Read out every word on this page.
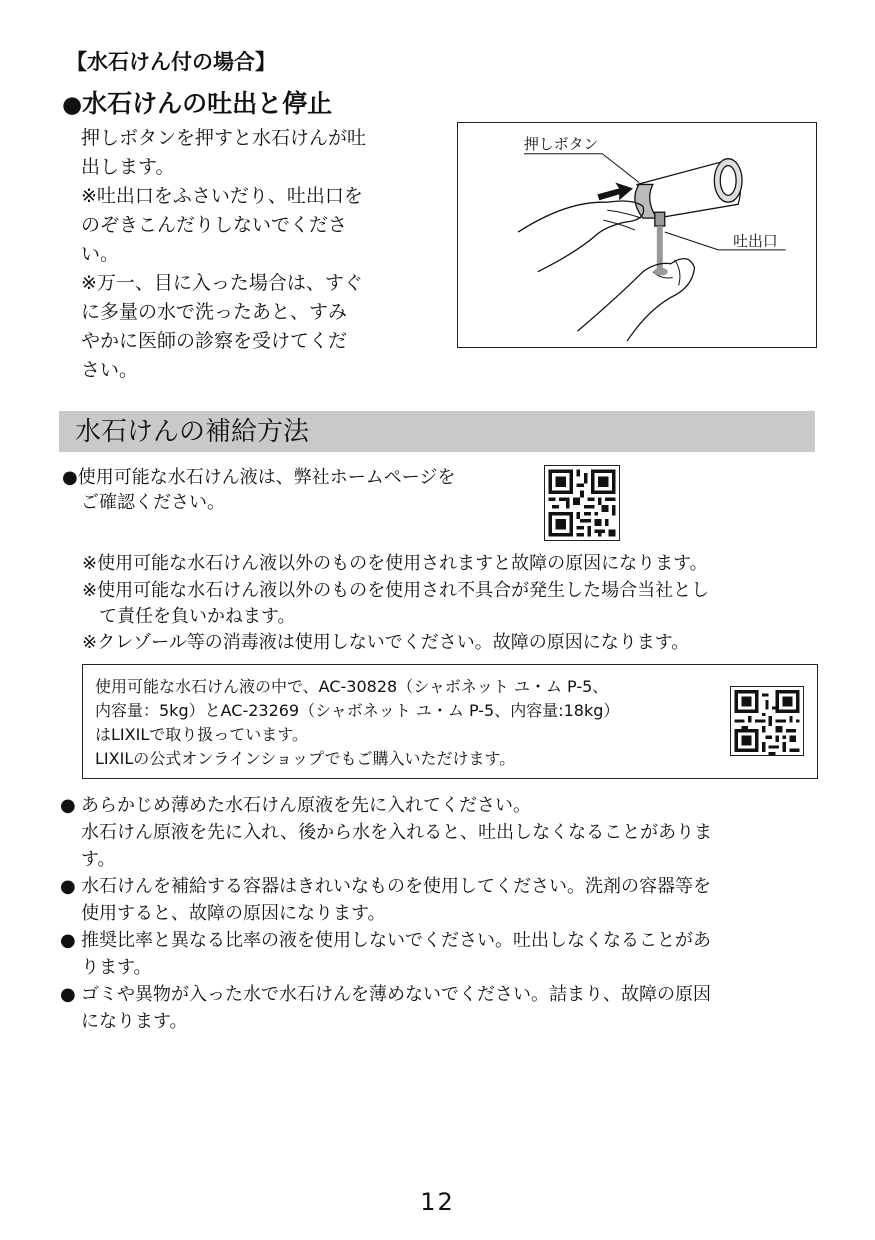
【水石けん付の場合】
●水石けんの吐出と停止

押しボタンを押すと水石けんが吐

出します。

※吐出口をふさいだり、吐出口を
のぞきこんだりしないでくださ
い。
※万一、目に入った場合は、すぐ
に多量の水で洗ったあと、すみ
やかに医師の診察を受けてくだ
さい。
押しボタン
吐出口
水石けんの補給方法
●使用可能な水石けん液は、弊社ホームページを
ご確認ください。
※使用可能な水石けん液以外のものを使用されますと故障の原因になります。
※使用可能な水石けん液以外のものを使用され不具合が発生した場合当社とし
て責任を負いかねます。
※クレゾール等の消毒液は使用しないでください。故障の原因になります。
使用可能な水石けん液の中で、AC-30828（シャボネット ユ・ム P-5、
内容量：5kg）とAC-23269（シャボネット ユ・ム P-5、内容量:18kg）
はLIXILで取り扱っています。
LIXILの公式オンラインショップでもご購入いただけます。
● あらかじめ薄めた水石けん原液を先に入れてください。
水石けん原液を先に入れ、後から水を入れると、吐出しなくなることがありま
す。
● 水石けんを補給する容器はきれいなものを使用してください。洗剤の容器等を
使用すると、故障の原因になります。
● 推奨比率と異なる比率の液を使用しないでください。吐出しなくなることがあ
ります。
● ゴミや異物が入った水で水石けんを薄めないでください。詰まり、故障の原因
になります。
12
